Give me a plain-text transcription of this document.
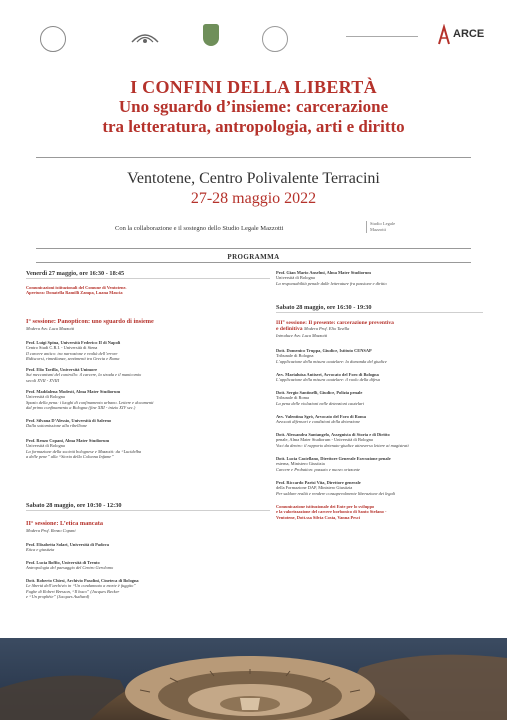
ARCE
I CONFINI DELLA LIBERTÀ
Uno sguardo d’insieme: carcerazione
tra letteratura, antropologia, arti e diritto
Ventotene, Centro Polivalente Terracini
27-28 maggio 2022
Con la collaborazione e il sostegno dello Studio Legale Mazzotti
Studio Legale
Mazzotti
PROGRAMMA
Venerdì 27 maggio, ore 16:30 - 18:45

Comunicazioni istituzionali del Comune di Ventotene.

Apertura: Donatella Ramilli Zampa, Luana Mascia

I° sessione: Panopticon: uno sguardo di insieme

Modera Avv. Luca Mazzotti

Prof. Luigi Spina, Università Federico II di Napoli

Centro Studi C.R.I. - Università di Siena

Il carcere antico: tra narrazione e realtà dell’errore

Ridiscorsi, rimedianze, sentimenti tra Grecia e Roma

Prof. Elio Tavilla, Università Unimore

Sui meccanismi del controllo: il carcere, la strada e il manicomio

secoli XVII - XVIII

Prof. Maddalena Modesti, Alma Mater Studiorum

Università di Bologna

Spazio della pena: i luoghi di confinamento urbano. Lettere e documenti

dal primo confinamento a Bologna (fine XIII - inizio XIV sec.)

Prof. Silvana D’Alessio, Università di Salerno

Dalla sottomissione alla ribellione

Prof. Renzo Copani, Alma Mater Studiorum

Università di Bologna

La formazione della società bolognese e Mazzotti: da “Lucidelba

a delle pene” alla “Storia della Colonna Infame”

Sabato 28 maggio, ore 10:30 - 12:30
II° sessione: L’etica mancata

Modera Prof. Renzo Copani

Prof. Elisabetta Solari, Università di Padova

Etica e giustizia

Prof. Lucia Boffio, Università di Trento

Antropologia del paesaggio del Centro Gerolomo

Dott. Roberto Chiesi, Archivio Pasolini, Cineteca di Bologna

Le libertà dell’archivio in “Un condannato a morte è fuggito”

Fughe di Robert Bresson, “Il buco” (Jacques Becker

e “Un prophète” (Jacques Audiard)

Prof. Gian Mario Anselmi, Alma Mater Studiorum

Università di Bologna

La responsabilità penale dalle letterature fra passione e diritto

Sabato 28 maggio, ore 16:30 - 19:30

III° sessione: Il presente: carcerazione preventiva

e definitiva Modera Prof. Elio Tavilla

Introduce Avv. Luca Mazzotti

Dott. Domenico Truppa, Giudice, Istituto CENSAP

Tribunale di Bologna

L’applicazione della misura cautelare: la domanda del giudice

Avv. Marialuisa Antiseri, Avvocato del Foro di Bologna

L’applicazione della misura cautelare: il ruolo della difesa

Dott. Sergio Santinelli, Giudice, Polizia penale

Tribunale di Roma

La pena delle violazioni nelle detenzioni cautelari

Avv. Valentina Sgrò, Avvocato del Foro di Roma

Avvocati difensori e condizioni della detenzione

Dott. Alessandra Santangelo, Assegnista di Storia e di Diritto

penale, Alma Mater Studiorum - Università di Bologna

Voci da dentro: il rapporto detenuto-giudice attraverso lettere ai magistrati

Dott. Lucia Castellano, Direttore Generale Esecuzione penale

esterna, Ministero Giustizia

Carcere e Probation: passato e nuovo orizzonte

Prof. Riccardo Parisi Vita, Direttore generale

della Formazione DAP, Ministero Giustizia

Per saldare realtà e rendere consapevolmente liberazione dei legali

Comunicazione istituzionale dei Ente per lo sviluppo

e la valorizzazione del carcere borbonico di Santo Stefano -

Ventotene, Dott.ssa Silvia Costa, Vanna Pesci
